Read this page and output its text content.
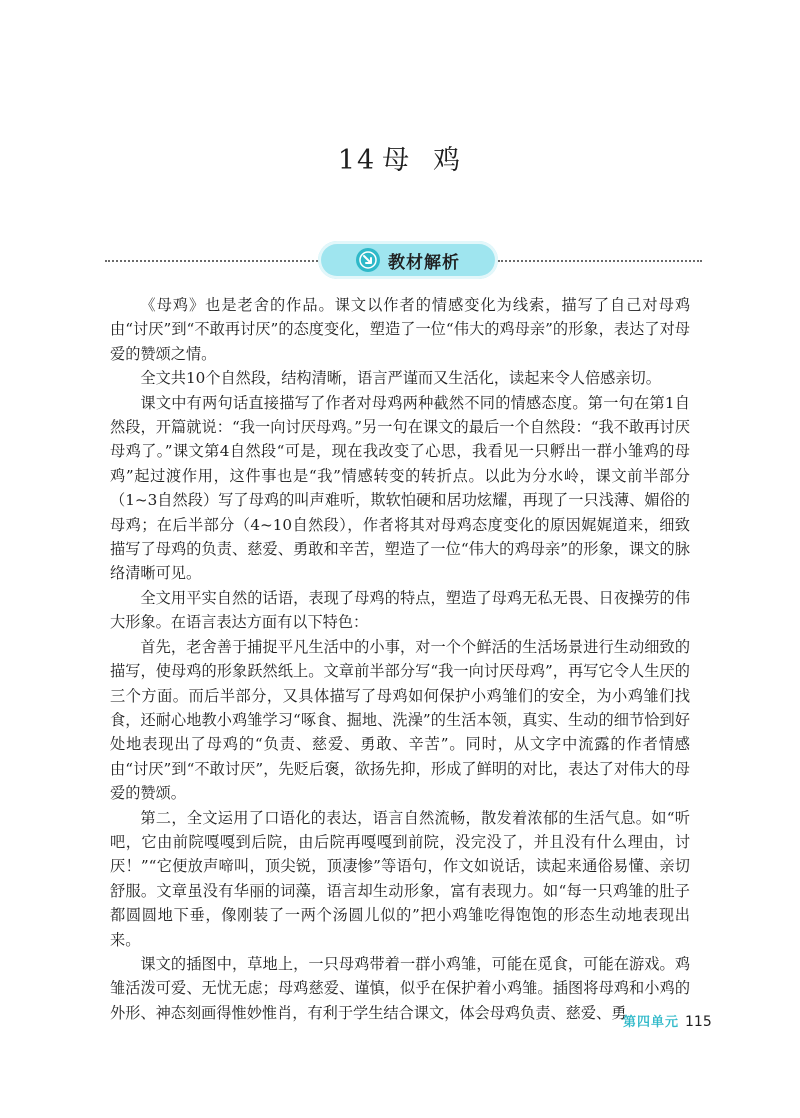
14 母 鸡
教材解析

《母鸡》也是老舍的作品。课文以作者的情感变化为线索，描写了自己对母鸡由“讨厌”到“不敢再讨厌”的态度变化，塑造了一位“伟大的鸡母亲”的形象，表达了对母爱的赞颂之情。

全文共10个自然段，结构清晰，语言严谨而又生活化，读起来令人倍感亲切。

课文中有两句话直接描写了作者对母鸡两种截然不同的情感态度。第一句在第1自然段，开篇就说：“我一向讨厌母鸡。”另一句在课文的最后一个自然段：“我不敢再讨厌母鸡了。”课文第4自然段“可是，现在我改变了心思，我看见一只孵出一群小雏鸡的母鸡”起过渡作用，这件事也是“我”情感转变的转折点。以此为分水岭，课文前半部分（1~3自然段）写了母鸡的叫声难听，欺软怕硬和居功炫耀，再现了一只浅薄、媚俗的母鸡；在后半部分（4~10自然段），作者将其对母鸡态度变化的原因娓娓道来，细致描写了母鸡的负责、慈爱、勇敢和辛苦，塑造了一位“伟大的鸡母亲”的形象，课文的脉络清晰可见。

全文用平实自然的话语，表现了母鸡的特点，塑造了母鸡无私无畏、日夜操劳的伟大形象。在语言表达方面有以下特色：

首先，老舍善于捕捉平凡生活中的小事，对一个个鲜活的生活场景进行生动细致的描写，使母鸡的形象跃然纸上。文章前半部分写“我一向讨厌母鸡”，再写它令人生厌的三个方面。而后半部分，又具体描写了母鸡如何保护小鸡雏们的安全，为小鸡雏们找食，还耐心地教小鸡雏学习“啄食、掘地、洗澡”的生活本领，真实、生动的细节恰到好处地表现出了母鸡的“负责、慈爱、勇敢、辛苦”。同时，从文字中流露的作者情感由“讨厌”到“不敢讨厌”，先贬后褒，欲扬先抑，形成了鲜明的对比，表达了对伟大的母爱的赞颂。

第二，全文运用了口语化的表达，语言自然流畅，散发着浓郁的生活气息。如“听吧，它由前院嘎嘎到后院，由后院再嘎嘎到前院，没完没了，并且没有什么理由，讨厌！”“它便放声啼叫，顶尖锐，顶凄惨”等语句，作文如说话，读起来通俗易懂、亲切舒服。文章虽没有华丽的词藻，语言却生动形象，富有表现力。如“每一只鸡雏的肚子都圆圆地下垂，像刚装了一两个汤圆儿似的”把小鸡雏吃得饱饱的形态生动地表现出来。

课文的插图中，草地上，一只母鸡带着一群小鸡雏，可能在觅食，可能在游戏。鸡雏活泼可爱、无忧无虑；母鸡慈爱、谨慎，似乎在保护着小鸡雏。插图将母鸡和小鸡的外形、神态刻画得惟妙惟肖，有利于学生结合课文，体会母鸡负责、慈爱、勇

第四单元 115
